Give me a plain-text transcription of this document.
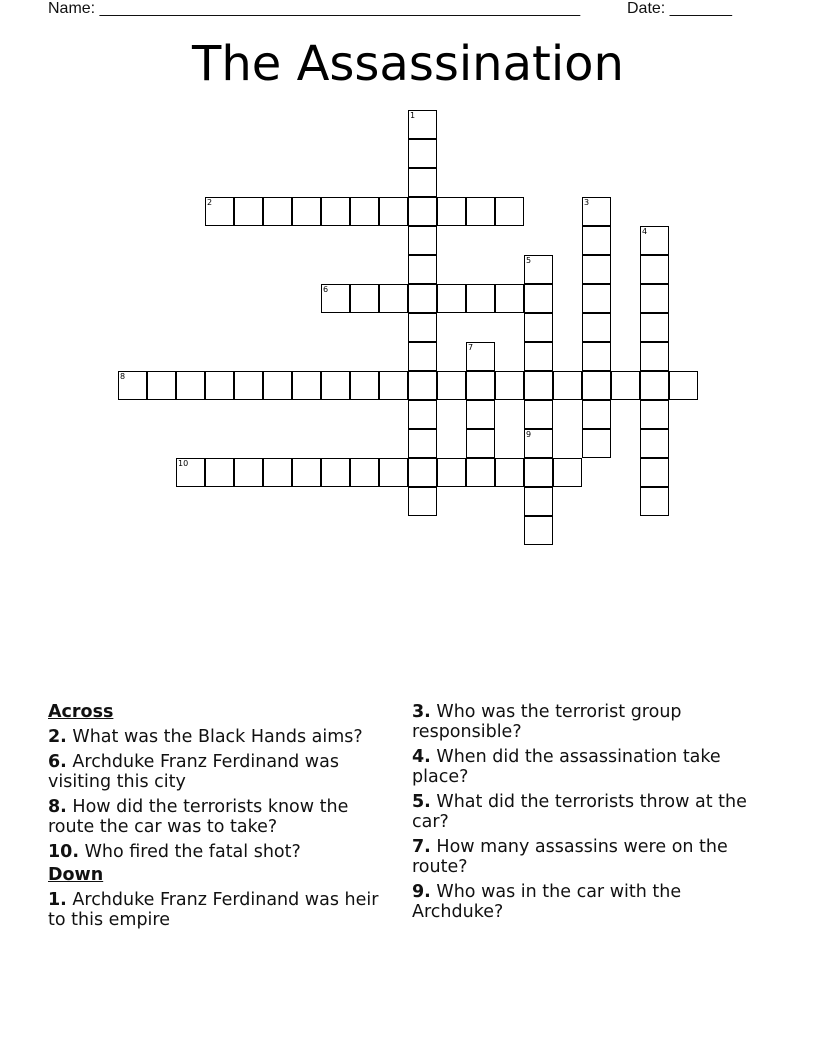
Name: ______________________________________________________	Date: _______
The Assassination
1
2	3
4
5
6
7
8
9
10
Across
2. What was the Black Hands aims?
6. Archduke Franz Ferdinand was visiting this city
8. How did the terrorists know the route the car was to take?
10. Who fired the fatal shot?
Down
1. Archduke Franz Ferdinand was heir to this empire
3. Who was the terrorist group responsible?
4. When did the assassination take place?
5. What did the terrorists throw at the car?
7. How many assassins were on the route?
9. Who was in the car with the Archduke?
